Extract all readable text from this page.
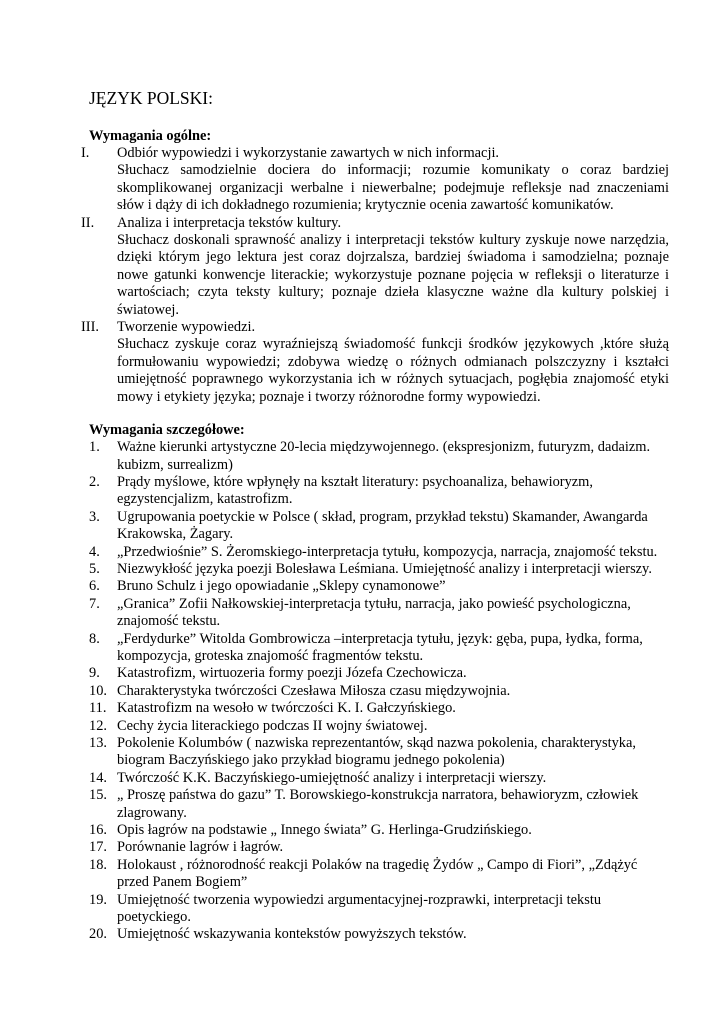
JĘZYK POLSKI:
Wymagania ogólne:
I. Odbiór wypowiedzi i wykorzystanie zawartych w nich informacji.
Słuchacz samodzielnie dociera do informacji; rozumie komunikaty o coraz bardziej skomplikowanej organizacji werbalne i niewerbalne; podejmuje refleksje nad znaczeniami słów i dąży di ich dokładnego rozumienia; krytycznie ocenia zawartość komunikatów.
II. Analiza i interpretacja tekstów kultury.
Słuchacz doskonali sprawność analizy i interpretacji tekstów kultury zyskuje nowe narzędzia, dzięki którym jego lektura jest coraz dojrzalsza, bardziej świadoma i samodzielna; poznaje nowe gatunki konwencje literackie; wykorzystuje poznane pojęcia w refleksji o literaturze i wartościach; czyta teksty kultury; poznaje dzieła klasyczne ważne dla kultury polskiej i światowej.
III. Tworzenie wypowiedzi.
Słuchacz zyskuje coraz wyraźniejszą świadomość funkcji środków językowych ,które służą formułowaniu wypowiedzi; zdobywa wiedzę o różnych odmianach polszczyzny i kształci umiejętność poprawnego wykorzystania ich w różnych sytuacjach, pogłębia znajomość etyki mowy i etykiety języka; poznaje i tworzy różnorodne formy wypowiedzi.
Wymagania szczegółowe:
1. Ważne kierunki artystyczne 20-lecia międzywojennego. (ekspresjonizm, futuryzm, dadaizm. kubizm, surrealizm)
2. Prądy myślowe, które wpłynęły na kształt literatury: psychoanaliza, behawioryzm, egzystencjalizm, katastrofizm.
3. Ugrupowania poetyckie w Polsce ( skład, program, przykład tekstu) Skamander, Awangarda Krakowska, Żagary.
4. „Przedwiośnie” S. Żeromskiego-interpretacja tytułu, kompozycja, narracja, znajomość tekstu.
5. Niezwykłość języka poezji Bolesława Leśmiana. Umiejętność analizy i interpretacji wierszy.
6. Bruno Schulz i jego opowiadanie „Sklepy cynamonowe”
7. „Granica” Zofii Nałkowskiej-interpretacja tytułu, narracja, jako powieść psychologiczna, znajomość tekstu.
8. „Ferdydurke” Witolda Gombrowicza –interpretacja tytułu, język: gęba, pupa, łydka, forma, kompozycja, groteska znajomość fragmentów tekstu.
9. Katastrofizm, wirtuozeria formy poezji Józefa Czechowicza.
10. Charakterystyka twórczości Czesława Miłosza czasu międzywojnia.
11. Katastrofizm na wesoło w twórczości K. I. Gałczyńskiego.
12. Cechy życia literackiego podczas II wojny światowej.
13. Pokolenie Kolumbów ( nazwiska reprezentantów, skąd nazwa pokolenia, charakterystyka, biogram Baczyńskiego jako przykład biogramu jednego pokolenia)
14. Twórczość K.K. Baczyńskiego-umiejętność analizy i interpretacji wierszy.
15. „ Proszę państwa do gazu” T. Borowskiego-konstrukcja narratora, behawioryzm, człowiek zlagrowany.
16. Opis łagrów na podstawie „ Innego świata” G. Herlinga-Grudzińskiego.
17. Porównanie lagrów i łagrów.
18. Holokaust , różnorodność reakcji Polaków na tragedię Żydów „ Campo di Fiori”, „Zdążyć przed Panem Bogiem”
19. Umiejętność tworzenia wypowiedzi argumentacyjnej-rozprawki, interpretacji tekstu poetyckiego.
20. Umiejętność wskazywania kontekstów powyższych tekstów.
